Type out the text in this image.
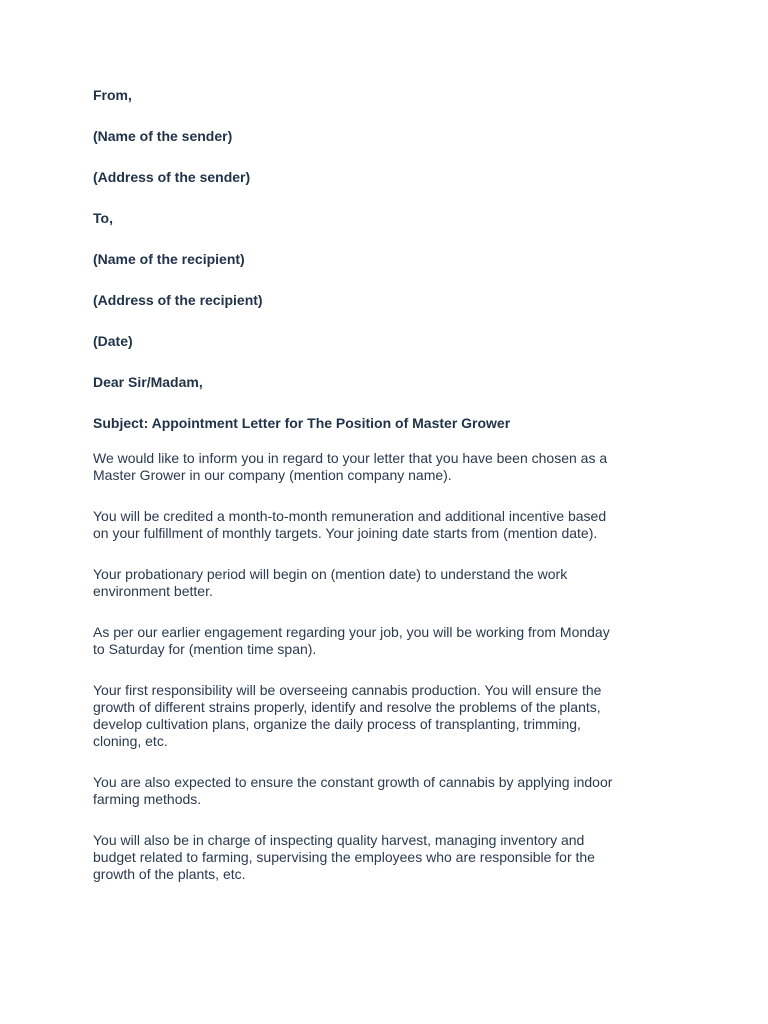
From,

(Name of the sender)

(Address of the sender)

To,

(Name of the recipient)

(Address of the recipient)

(Date)

Dear Sir/Madam,

Subject: Appointment Letter for The Position of Master Grower

We would like to inform you in regard to your letter that you have been chosen as a
Master Grower in our company (mention company name).
You will be credited a month-to-month remuneration and additional incentive based
on your fulfillment of monthly targets. Your joining date starts from (mention date).
Your probationary period will begin on (mention date) to understand the work
environment better.
As per our earlier engagement regarding your job, you will be working from Monday
to Saturday for (mention time span).
Your first responsibility will be overseeing cannabis production. You will ensure the
growth of different strains properly, identify and resolve the problems of the plants,
develop cultivation plans, organize the daily process of transplanting, trimming,
cloning, etc.
You are also expected to ensure the constant growth of cannabis by applying indoor
farming methods.
You will also be in charge of inspecting quality harvest, managing inventory and
budget related to farming, supervising the employees who are responsible for the
growth of the plants, etc.
